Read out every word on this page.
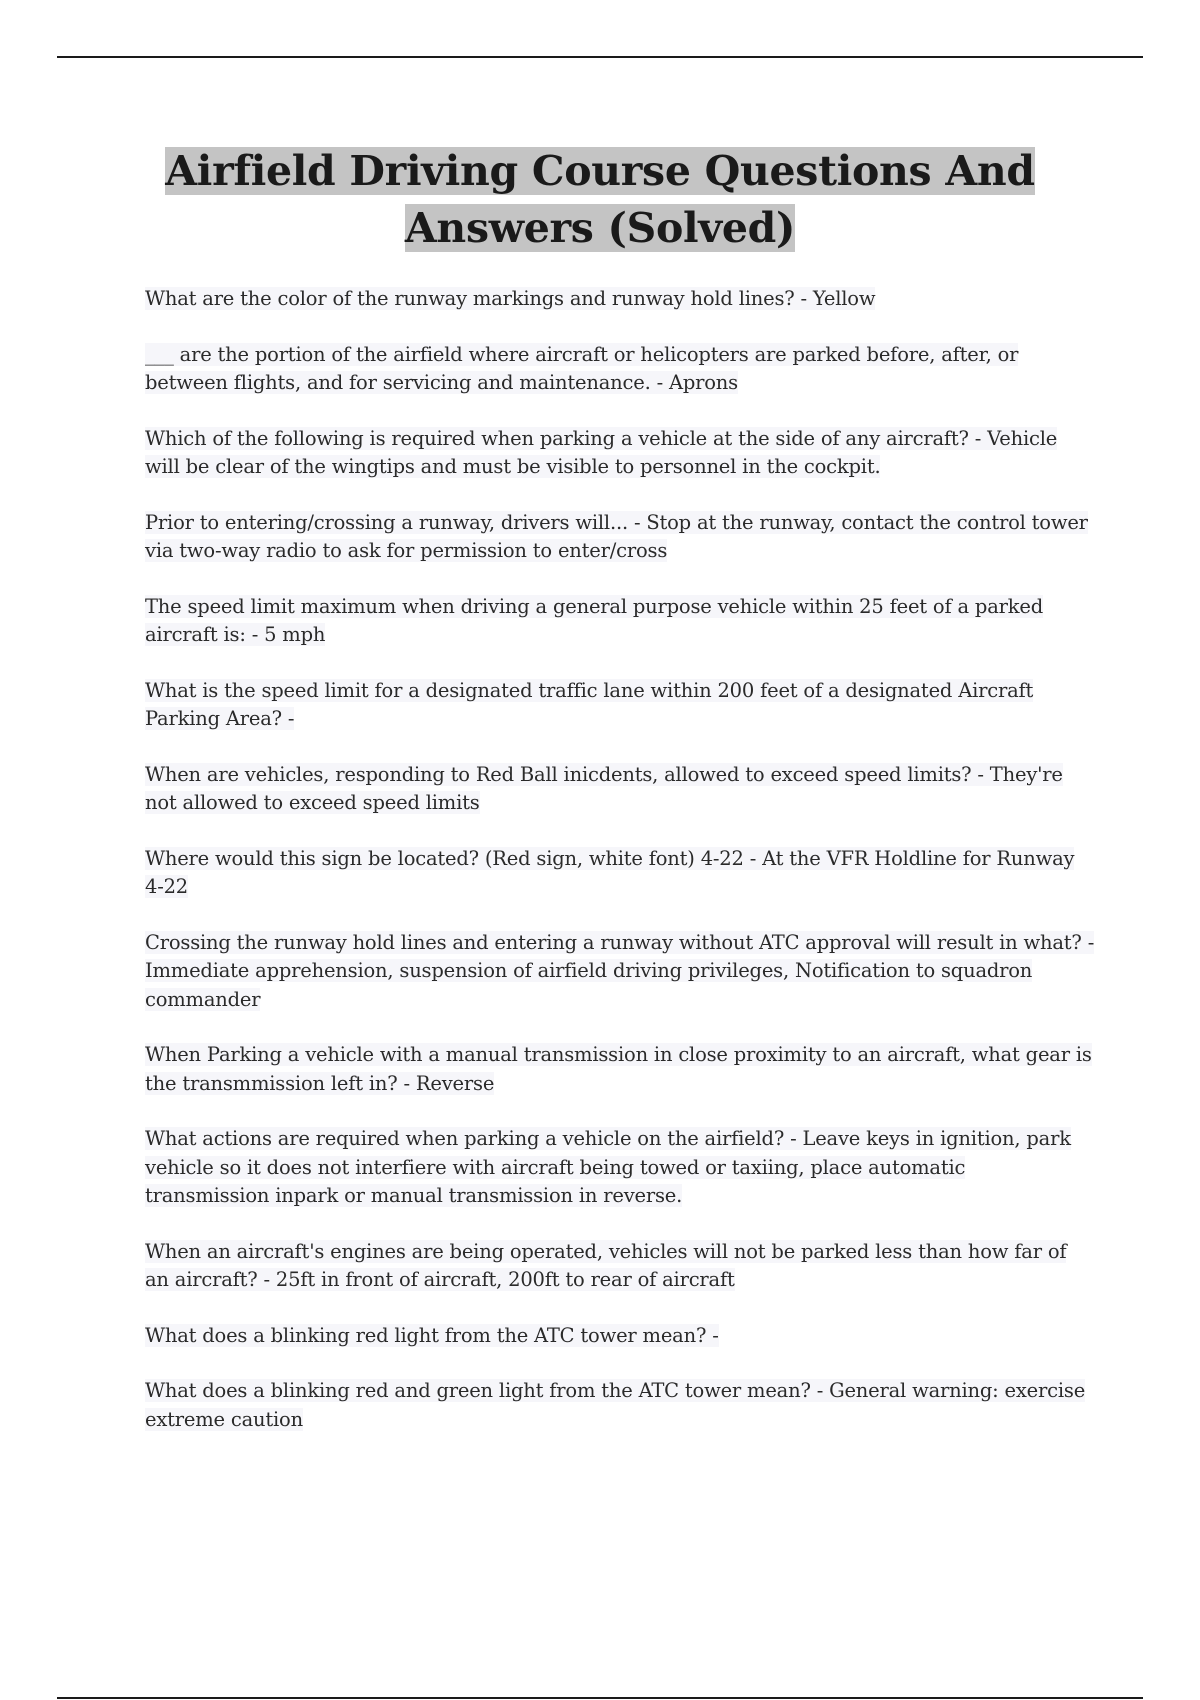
Airfield Driving Course Questions And Answers (Solved)

What are the color of the runway markings and runway hold lines? - Yellow

___ are the portion of the airfield where aircraft or helicopters are parked before, after, or between flights, and for servicing and maintenance. - Aprons

Which of the following is required when parking a vehicle at the side of any aircraft? - Vehicle will be clear of the wingtips and must be visible to personnel in the cockpit.

Prior to entering/crossing a runway, drivers will... - Stop at the runway, contact the control tower via two-way radio to ask for permission to enter/cross

The speed limit maximum when driving a general purpose vehicle within 25 feet of a parked aircraft is: - 5 mph

What is the speed limit for a designated traffic lane within 200 feet of a designated Aircraft Parking Area? -

When are vehicles, responding to Red Ball inicdents, allowed to exceed speed limits? - They're not allowed to exceed speed limits

Where would this sign be located? (Red sign, white font) 4-22 - At the VFR Holdline for Runway 4-22

Crossing the runway hold lines and entering a runway without ATC approval will result in what? - Immediate apprehension, suspension of airfield driving privileges, Notification to squadron commander

When Parking a vehicle with a manual transmission in close proximity to an aircraft, what gear is the transmmission left in? - Reverse

What actions are required when parking a vehicle on the airfield? - Leave keys in ignition, park vehicle so it does not interfiere with aircraft being towed or taxiing, place automatic transmission inpark or manual transmission in reverse.

When an aircraft's engines are being operated, vehicles will not be parked less than how far of an aircraft? - 25ft in front of aircraft, 200ft to rear of aircraft

What does a blinking red light from the ATC tower mean? -

What does a blinking red and green light from the ATC tower mean? - General warning: exercise extreme caution
